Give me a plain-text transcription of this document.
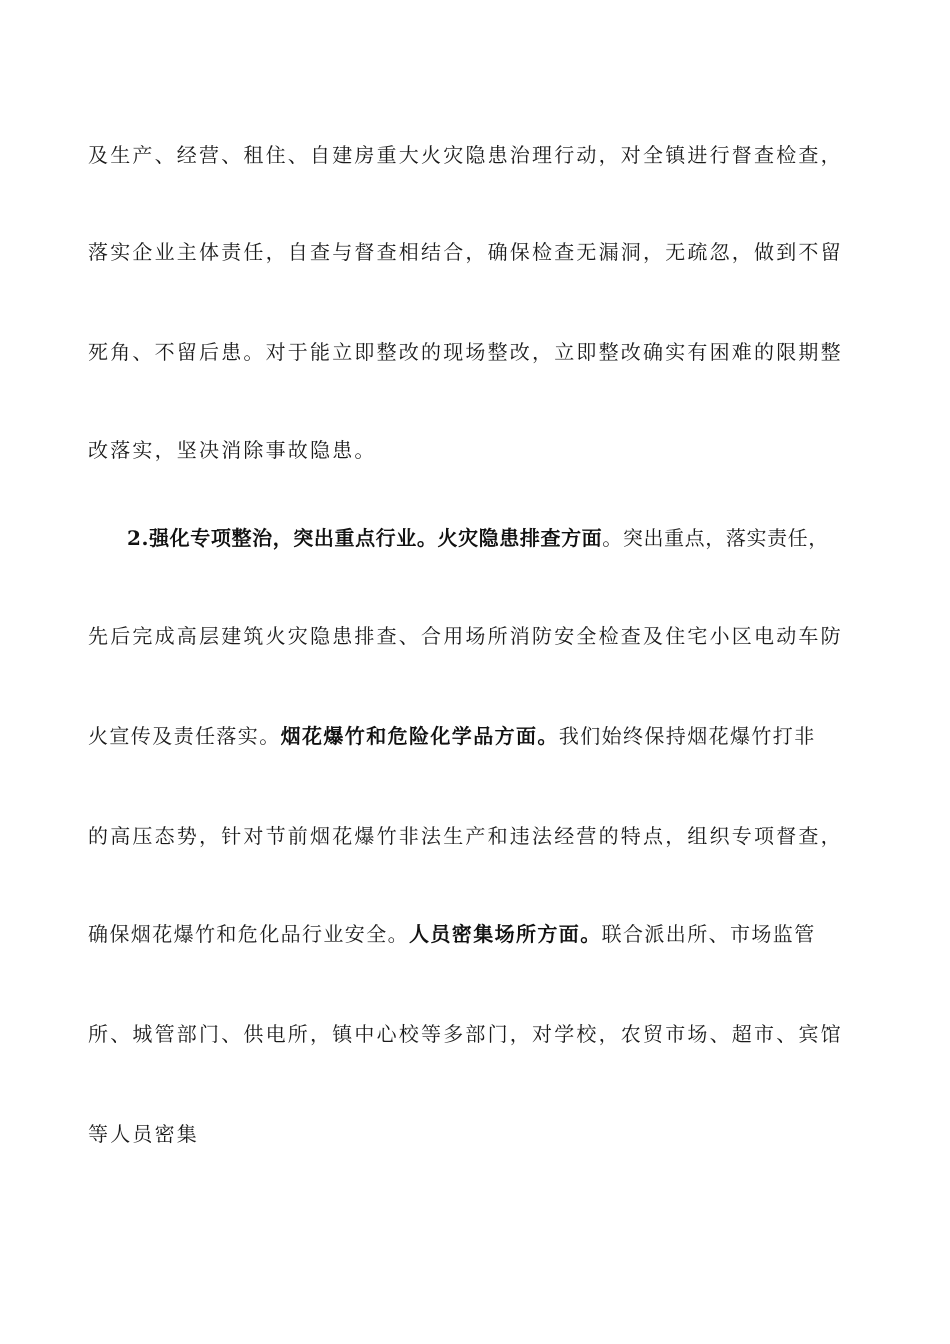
及生产、经营、租住、自建房重大火灾隐患治理行动，对全镇进行督查检查，
落实企业主体责任，自查与督查相结合，确保检查无漏洞，无疏忽，做到不留
死角、不留后患。对于能立即整改的现场整改，立即整改确实有困难的限期整
改落实，坚决消除事故隐患。
2.强化专项整治，突出重点行业。火灾隐患排查方面。突出重点，落实责任，
先后完成高层建筑火灾隐患排查、合用场所消防安全检查及住宅小区电动车防
火宣传及责任落实。烟花爆竹和危险化学品方面。我们始终保持烟花爆竹打非
的高压态势，针对节前烟花爆竹非法生产和违法经营的特点，组织专项督查，
确保烟花爆竹和危化品行业安全。人员密集场所方面。联合派出所、市场监管
所、城管部门、供电所，镇中心校等多部门，对学校，农贸市场、超市、宾馆
等人员密集
